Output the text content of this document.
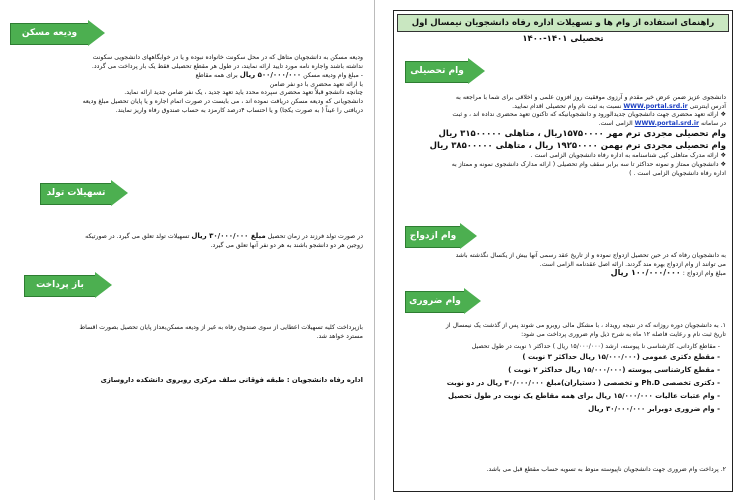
ودیعه مسکن
ودیعه مسکن به دانشجویان متاهل که در محل سکونت خانواده نبوده و یا در خوابگاههای دانشجویی سکونت
نداشته باشند واجاره نامه مورد تایید ارائه نمایند، در طول هر مقطع تحصیلی فقط یک بار پرداخت می گردد.
- مبلغ وام ودیعه مسکن ۵۰۰/۰۰۰/۰۰۰ ریال برای همه مقاطع
با ارائه تعهد محضری با دو نفر ضامن
چنانچه دانشجو قبلاً تعهد محضری سپرده محدد باید تعهد جدید ، یک نفر ضامن جدید ارائه نماید.
دانشجویانی که ودیعه مسکن دریافت نموده اند ، می بایست در صورت اتمام اجاره و یا پایان تحصیل مبلغ ودیعه
دریافتی را عیناً ( به صورت یکجا) و یا احتساب ۴درصد کارمزد به حساب صندوق رفاه واریز نمایند.
تسهیلات تولد
در صورت تولد فرزند در زمان تحصیل مبلغ ۳۰/۰۰۰/۰۰۰ ریال تسهیلات تولد تعلق می گیرد. در صورتیکه
زوجین هر دو دانشجو باشند به هر دو نفر آنها تعلق می گیرد.
باز پرداخت
بازپرداخت کلیه تسهیلات اعطایی از سوی صندوق رفاه به غیر از ودیعه مسکن‌بعداز پایان تحصیل بصورت اقساط
مسترد خواهد شد.
اداره رفاه دانشجویان : طبقه فوقانی سلف مرکزی روبروی دانشکده داروسازی
راهنمای استفاده از وام ها و تسهیلات اداره رفاه دانشجویان نیمسال اول تحصیلی ۱۴۰۱-۱۴۰۰
وام تحصیلی
دانشجوی عزیز ضمن عرض خیر مقدم و آرزوی موفقیت روز افزون علمی و اخلاقی برای شما با مراجعه به
آدرس اینترنتی WWW.portal.srd.ir نسبت به ثبت نام وام تحصیلی اقدام نمایید.
❖ ارائه تعهد محضری جهت دانشجویان جدیدالورود و دانشجویانیکه که تاکنون تعهد محضری نداده اند ، و ثبت
در سامانه WWW.portal.srd.ir الزامی است.
وام تحصیلی مجردی ترم مهر ۱۵۷۵۰۰۰۰ریال ، متاهلی ۳۱۵۰۰۰۰۰ ریال
وام تحصیلی مجردی ترم بهمن ۱۹۲۵۰۰۰۰ ریال ، متاهلی ۳۸۵۰۰۰۰۰ ریال
❖ ارائه مدرک متاهلی کپی شناسنامه به اداره رفاه دانشجویان الزامی است .
❖ دانشجویان ممتاز و نمونه حداکثر تا سه برابر سقف وام تحصیلی ( ارائه مدارک دانشجوی نمونه و ممتاز به
اداره رفاه دانشجویان الزامی است . )
وام ازدواج
به دانشجویان رفاه که در حین تحصیل ازدواج نموده و از تاریخ عقد رسمی آنها بیش از یکسال نگذشته باشد
می توانند از وام ازدواج بهره مند گردند. ارائه اصل عقدنامه الزامی است.
مبلغ وام ازدواج : ۱۰۰/۰۰۰/۰۰۰ ریال
وام ضروری
۱. به دانشجویان دوره روزانه که در نتیجه رویداد ، با مشکل مالی روبرو می شوند پس از گذشت یک نیمسال از
تاریخ ثبت نام و رعایت فاصله ۱۲ ماه به شرح ذیل وام ضروری پرداخت می شود:
- مقاطع کاردانی، کارشناسی نا پیوسته، ارشد (۱۵/۰۰۰/۰۰۰ ریال ) حداکثر ۱ نوبت در طول تحصیل
- مقطع دکتری عمومی (۱۵/۰۰۰/۰۰۰ ریال حداکثر ۳ نوبت )
- مقطع کارشناسی پیوسته (۱۵/۰۰۰/۰۰۰ ریال حداکثر ۲ نوبت )
- دکتری تخصصی Ph.D و تخصصی ( دستیاران)مبلغ ۳۰/۰۰۰/۰۰۰ ریال در دو نوبت
- وام عتبات عالیات ۱۵/۰۰۰/۰۰۰ ریال برای همه مقاطع یک نوبت در طول تحصیل
- وام ضروری دوبرابر ۳۰/۰۰۰/۰۰۰ ریال
۲. پرداخت وام ضروری جهت دانشجویان ناپیوسته منوط به تسویه حساب مقطع قبل می باشد.
